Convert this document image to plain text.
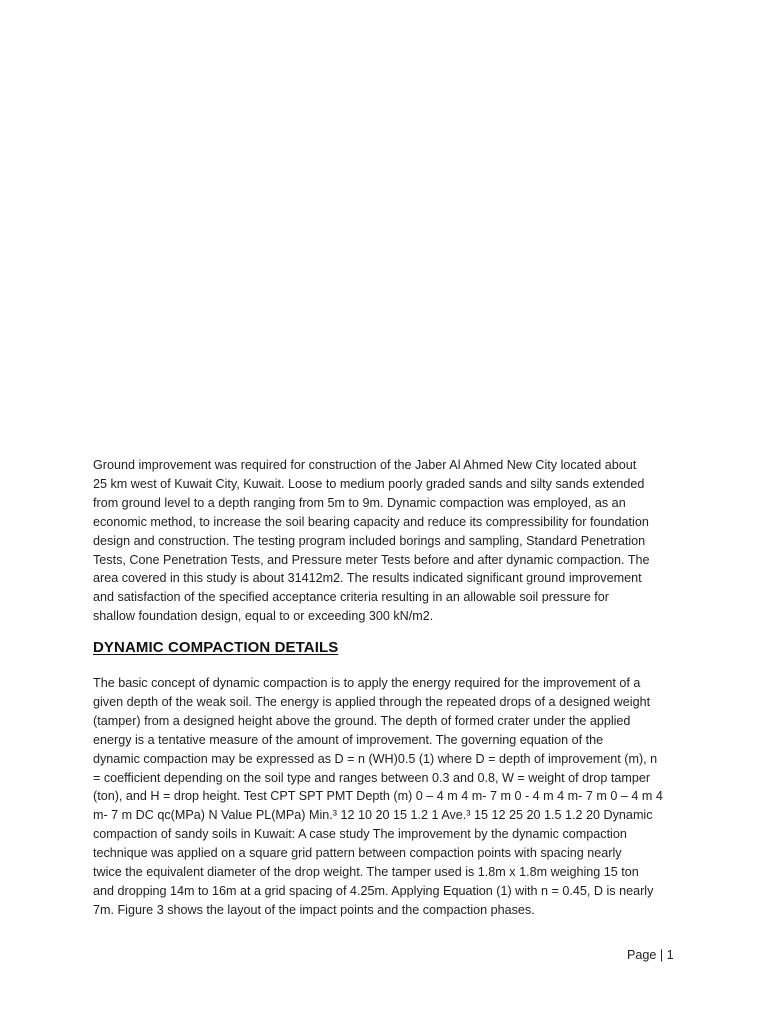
Ground improvement was required for construction of the Jaber Al Ahmed New City located about
25 km west of Kuwait City, Kuwait. Loose to medium poorly graded sands and silty sands extended
from ground level to a depth ranging from 5m to 9m. Dynamic compaction was employed, as an
economic method, to increase the soil bearing capacity and reduce its compressibility for foundation
design and construction. The testing program included borings and sampling, Standard Penetration
Tests, Cone Penetration Tests, and Pressure meter Tests before and after dynamic compaction. The
area covered in this study is about 31412m2. The results indicated significant ground improvement
and satisfaction of the specified acceptance criteria resulting in an allowable soil pressure for
shallow foundation design, equal to or exceeding 300 kN/m2.

DYNAMIC COMPACTION DETAILS

The basic concept of dynamic compaction is to apply the energy required for the improvement of a
given depth of the weak soil. The energy is applied through the repeated drops of a designed weight
(tamper) from a designed height above the ground. The depth of formed crater under the applied
energy is a tentative measure of the amount of improvement. The governing equation of the
dynamic compaction may be expressed as D = n (WH)0.5 (1) where D = depth of improvement (m), n
= coefficient depending on the soil type and ranges between 0.3 and 0.8, W = weight of drop tamper
(ton), and H = drop height. Test CPT SPT PMT Depth (m) 0 – 4 m 4 m- 7 m 0 - 4 m 4 m- 7 m 0 – 4 m 4
m- 7 m DC qc(MPa) N Value PL(MPa) Min.³ 12 10 20 15 1.2 1 Ave.³ 15 12 25 20 1.5 1.2 20 Dynamic
compaction of sandy soils in Kuwait: A case study The improvement by the dynamic compaction
technique was applied on a square grid pattern between compaction points with spacing nearly
twice the equivalent diameter of the drop weight. The tamper used is 1.8m x 1.8m weighing 15 ton
and dropping 14m to 16m at a grid spacing of 4.25m. Applying Equation (1) with n = 0.45, D is nearly
7m. Figure 3 shows the layout of the impact points and the compaction phases.

Page | 1
